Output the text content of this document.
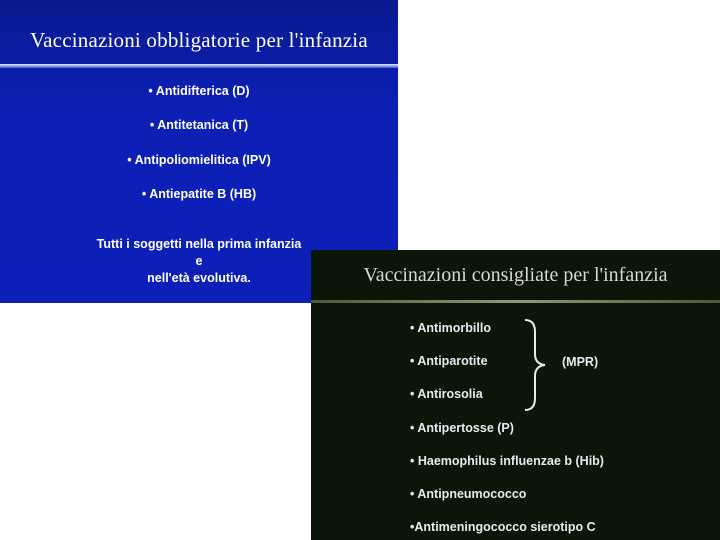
Vaccinazioni obbligatorie per l'infanzia
• Antidifterica (D)
• Antitetanica (T)
• Antipoliomielitica (IPV)
• Antiepatite B (HB)
Tutti i soggetti nella prima infanzia
e
nell'età evolutiva.	Vaccinazioni consigliate per l'infanzia
• Antimorbillo
• Antiparotite
• Antirosolia
• Antipertosse (P)
• Haemophilus influenzae b (Hib)
• Antipneumococco
•Antimeningococco sierotipo C
(MPR)
